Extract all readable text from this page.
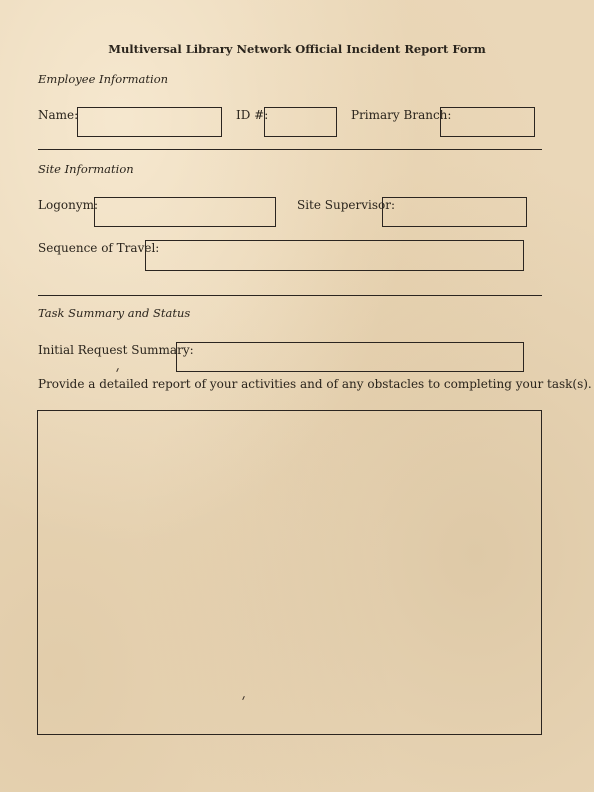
Multiversal Library Network Official Incident Report Form
Employee Information
Name:	ID #:	Primary Branch:
Site Information
Logonym:	Site Supervisor:
Sequence of Travel:
Task Summary and Status
Initial Request Summary:
Provide a detailed report of your activities and of any obstacles to completing your task(s).
